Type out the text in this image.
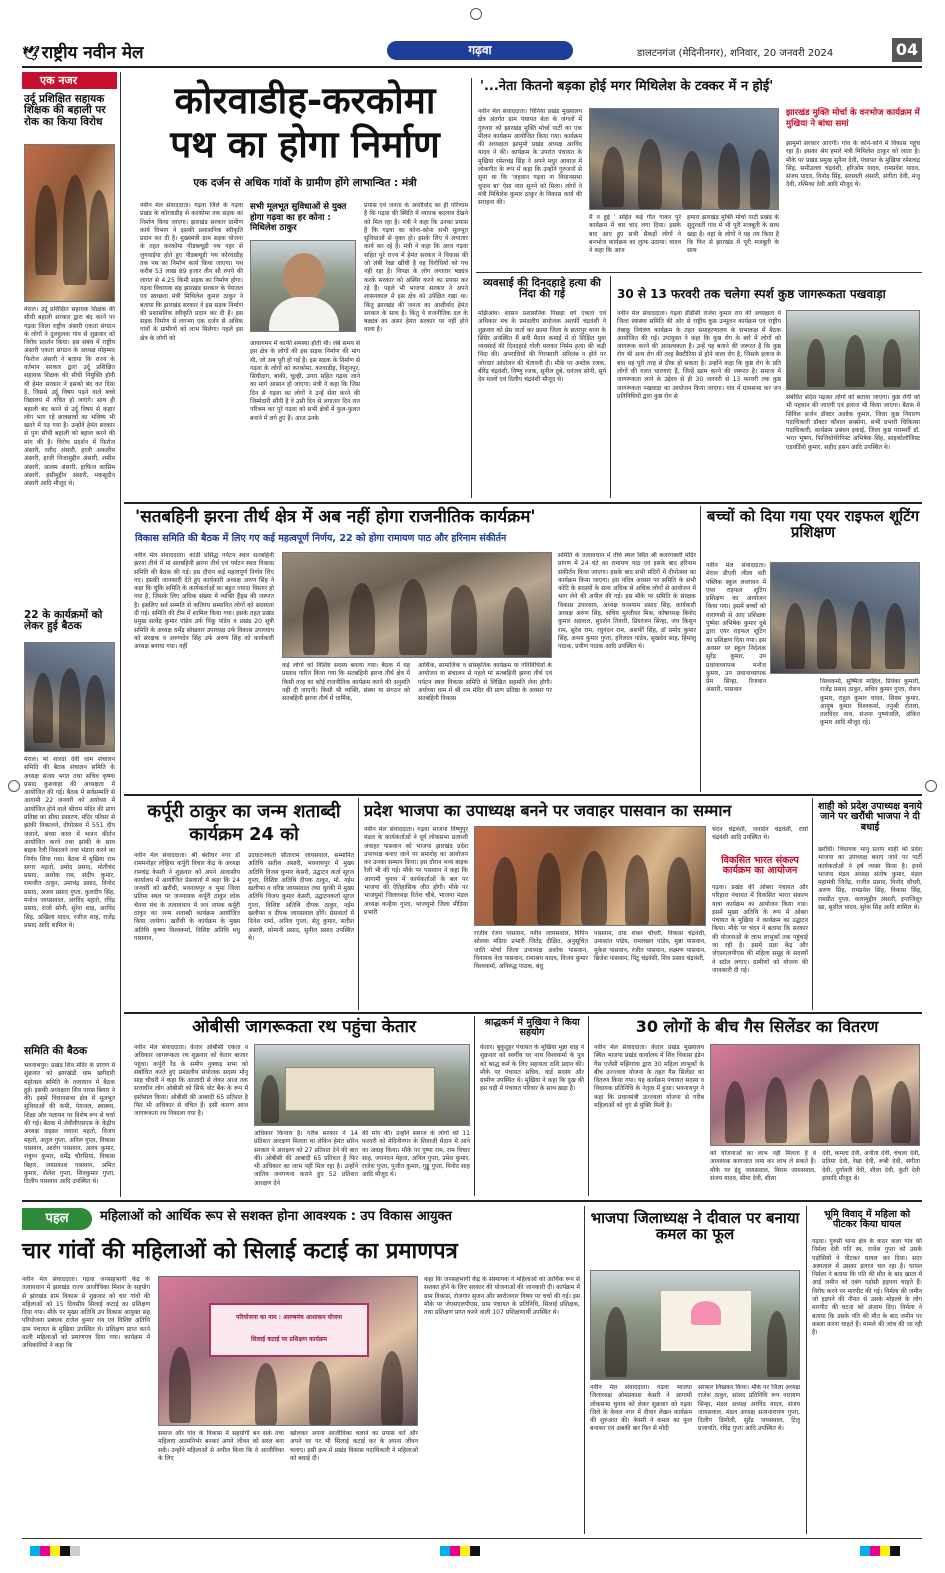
🕊 राष्ट्रीय नवीन मेल	गढ़वा	डालटनगंज (मेदिनीनगर), शनिवार, 20 जनवरी 2024	04
एक नजर
उर्दू प्रशिक्षित सहायक शिक्षक की बहाली पर रोक का किया विरोध
मेराल। उर्दू प्रशिक्षित सहायक शिक्षक की सीधी बहाली सरकार द्वारा बंद करने पर गढ़वा जिला राष्ट्रीय अंसारी एकता संगठन के लोगों ने दुलहुलवा गांव से शुक्रवार को विरोध प्रदर्शन किया। इस संबंध में राष्ट्रीय अंसारी एकता संगठन के अध्यक्ष मोहम्मद फिरोज अंसारी ने बताया कि राज्य के वर्तमान सरकार द्वारा उर्दू प्रशिक्षित सहायक शिक्षक की सीधी नियुक्ति होनी थी हेमंत सरकार ने इसको बंद कर दिया है, जिससे उर्दू विषय पढ़ने वाले बच्चे विद्यालय में वंचित हो जाएंगे। साथ ही बहाली बंद करने से उर्दू विषय से कहार लोग भाग रहे छात्रछात्रों का भविष्य भी खतरे में पड़ गया है। उन्होंने हेमंत सरकार से पुनः सीधी बहाली को बहाल करने की मांग की है। विरोध प्रदर्शन में फिरोज अंसारी, रशीद अंसारी, हाजी अकलीम अंसारी, हाजी निजामुद्दीन अंसारी, शमीम अंसारी, आलम अंसारी, हाफिज कासिम अंसारी, हसीमुद्दीन अंसारी, मकसूदीन अंसारी आदि मौजूद थे।
22 के कार्यक्रमों को लेकर हुई बैठक
मेराल। मां शारदा देवी धाम संचालन समिति की बैठक संचालन समिति के अध्यक्ष संजय भगत तथा सचिव कृष्णा प्रसाद कुशवाहा की अध्यक्षता में आयोजित की गई। बैठक में सर्वसम्मति से आगामी 22 जनवरी को अयोध्या में आयोजित होने वाले श्रीराम मंदिर की प्राण प्रतिष्ठा का सीधा प्रसारण, मंदिर परिसर से झांकी निकालने, दीपोत्सव में 551 दीप जलाने, संध्या काल में भजन कीर्तन आयोजित करने तथा झांकी के साथ बाइक रैली निकालने तथा भंडारा करने का निर्णय लिया गया। बैठक में मुखिया राम सागर महतो, प्रमोद प्रसाद, मोतीचंद प्रसाद, अशोक राम, संदीप कुमार, रामजीत ठाकुर, उमाचंद्र प्रसाद, विनोद प्रसाद, अजय प्रसाद गुप्ता, कुलदीप सिंह, मनोज जायसवाल, अरविंद महतो, रविंद्र प्रसाद, राजो सोनी, सुरेश शाह, अरविंद सिंह, अखिला यादव, रजीज शाह, राजेंद्र प्रसाद आदि शामिल थे।
समिति की बैठक
भवनाथपुर। प्रखंड शिव मंदिर के प्रांगण में शुक्रवार को झारखंडी धाम खरीदारी महोत्सव समिति के तत्वाधान में बैठक हुई। इसकी अध्यक्षता शिव पारस बियार ने की। इसमें विधानसभा क्षेत्र में मूलभूत सुविधाओं की कमी, पेयजल, स्वास्थ्य, शिक्षा और पलायन पर विशेष रूप से चर्चा की गई। बैठक में जेवीवीएसएस के केंद्रीय अध्यक्ष दाइसर जवाना महतो, विजय महतो, अतुल गुप्ता, अनिल गुप्ता, विकास पासवान, आरोग पासवान, आरव कुमार, शत्रुघ्न कुमार, धर्मेंद्र चौरसिया, विकास बिहार, जयप्रकाश पासवान, अमित कुमार, शैलेश गुप्ता, शिवकुमार गुप्ता, दिलीप पासवान आदि उपस्थित थे।
कोरवाडीह-करकोमा
पथ का होगा निर्माण
एक दर्जन से अधिक गांवों के ग्रामीण होंगे लाभान्वित : मंत्री
नवीन मेल संवाददाता। गढ़वा जिले के गढ़वा प्रखंड के कोरवाडीह से करकोमा तक सड़क का निर्माण किया जाएगा। झारखंड सरकार ग्रामीण कार्य विभाग ने इसकी प्रशासनिक स्वीकृति प्रदान कर दी है। मुख्यमंत्री ग्राम सड़क योजना के तहत करकोमा पीडब्ल्यूडी पथ नहर से लुगवाईया होते हुए पीडब्ल्यूडी पथ कोरवाडीह तक पथ का निर्माण कार्य किया जाएगा। पथ करीब 53 लाख 89 हजार तीन सौ रुपये की लागत से 4.25 किमी सड़क का निर्माण होगा। गढ़वा विधायक सह झारखंड सरकार के पेयजल एवं स्वच्छता मंत्री मिथिलेश कुमार ठाकुर ने बताया कि झारखंड सरकार ने इस सड़क निर्माण की प्रशासनिक स्वीकृति प्रदान कर दी है। इस सड़क निर्माण से लगभग एक दर्जन से अधिक गांवों के ग्रामीणों को लाभ मिलेगा। पहले इस क्षेत्र के लोगों को
सभी मूलभूत सुविधाओं से युक्त होगा गढ़वा का हर कोना : मिथिलेश ठाकुर
आवागमन में काफी समस्या होती थी। लंबे समय से इस क्षेत्र के लोगों की इस सड़क निर्माण की मांग थी, जो अब पूरी हो गई है। इस सड़क के निर्माण से गढ़वा के लोगों को करकोमा, करवाडीह, विशुनपुर, सिघौदाग, बाकी, चूल्ही, उगरा सहित गढ़वा जाने का मार्ग आसान हो जाएगा। मंत्री ने कहा कि जिस दिन से गढ़वा का लोगों ने उन्हें सेवा करने की जिम्मेदारी सौंपी है वे उसी दिन से लगातार दिन रात परिश्रम कर पूरे गढ़वा को सभी क्षेत्रों में फुल-फुलत बनाने में लगे हुए हैं। आज उनके
प्रयास एवं जनता के आशीर्वाद का ही परिणाम है कि गढ़वा की स्थिति में व्यापक बदलाव देखने को मिल रहा है। मंत्री ने कहा कि उनका प्रयास है कि गढ़वा का कोना-कोना सभी मूलभूत सुविधाओं से युक्त हो। इसके लिए वे लगातार कार्य कर रहे हैं। मंत्री ने कहा कि आज गढ़वा सहित पूरे राज्य में हेमंत सरकार ने विकास की जो लंबी रेखा खींची है वह विरोधियों को पच नहीं रहा है। विपक्ष के लोग लगातार षड्यंत्र करके सरकार को अस्थिर करने का प्रयास कर रहे हैं। पहले भी भाजपा सरकार ने अपने शासनकाल में इस क्षेत्र को उपेक्षित रखा था। किंतु झारखंड की जनता का आशीर्वाद हेमंत सरकार के साथ है। किंतु वे राजनीतिक दल के षड्यंत्र का असर हेमंत सरकार पर नहीं होने वाला है।
'...नेता कितनो बड़का होई मगर मिथिलेश के टक्कर में न होई'
नवीन मेल संवाददाता। चिनिया प्रखंड मुख्यालय क्षेत्र अंतर्गत ग्राम पंचायत बेता के जंगलों में गुरुवार को झारखंड मुक्ति मोर्चा पार्टी का एक मीलन कार्यक्रम आयोजित किया गया। कार्यक्रम की अध्यक्षता झामुमो प्रखंड अध्यक्ष अरविंद यादव ने की। कार्यक्रम के उपरांत पंचायत के मुखिया रमेशचंद्र सिंह ने अपने मधुर आवाज़ में लोकगीत के रूप में कहा कि उन्होंने गुरुजनों से सुना था कि 'जहवान गढ़वा ना विधानसभा चुनाव बा' ऐसा नारा सुनने को मिला। लोगों ने मंत्री मिथिलेश कुमार ठाकुर के विकास कार्य की सराहना की।
मैं न हुई ' सहित कई गीत गाकर पूरे कार्यक्रम में चार चांद लगा दिया। इसके बाद आए हुए सभी सैकड़ों लोगों ने बनभोज कार्यक्रम का लुत्फ उठाया। यादव ने कहा कि आज
हमारा झारखंड मुक्ति मोर्चा पार्टी प्रखंड के सुदूरवर्ती गांव में भी पूरी मजबूती के साथ खड़ा है। वहां के लोगों ने यह तय किया है कि फिर से झारखंड में पूरी मजबूती के साथ
झारखंड मुक्ति मोर्चा के वनभोज कार्यक्रम में मुखिया ने बांधा समां
झामुमो सरकार आएगी। गांव के कोने-कोने में विकास पहुंच रहा है। इसका श्रेय हमारे मंत्री मिथिलेश ठाकुर को जाता है। मौके पर प्रखंड प्रमुख सुनैना देवी, पंचायत के मुखिया रमेशचंद्र सिंह, समीउल्ला चंद्रवंशी, हरिओम यादव, रामप्रवेश यादव, संजय यादव, विनोद सिंह, सरस्वती अंसारी, संगीता देवी, मंजू देवी, रश्मिका देवी आदि मौजूद थे।
व्यवसाई की दिनदहाड़े हत्या की निंदा की गई
मझिआंव। शासन प्रशासनिक पिछड़ा वर्ग एकता एवं अधिकार मंच के प्रमंडलीय संयोजक अशर्फी चंद्रवंशी ने शुक्रवार को प्रेस वार्ता कर फ्रामा जिला के छतरपुर थाना के सिंघेर अवस्थित मैं बनी मैदान कमाई में दो शिक्षित युवा व्यवसाई की दिनदहाड़े गोली मारकर निर्मम हत्या की कड़ी निंदा की। अपराधियों की गिरफ्तारी अविलंब न होने पर जोरदार आंदोलन की चेतावनी दी। मौके पर अशोक रजक, बीरेंद्र चंद्रवंशी, विष्णु रजक, सुनील दुबे, धनंजय सोनी, सूर्य देव मालो एवं दिलीप चंद्रवंशी मौजूद थे।
30 से 13 फरवरी तक चलेगा स्पर्श कुष्ठ जागरूकता पखवाड़ा
नवीन मेल संवाददाता। गढ़वा डीडीसी राजेश कुमार राय की अध्यक्षता में जिला स्वास्थ्य समिति की ओर से राष्ट्रीय कुष्ठ उन्मूलन कार्यक्रम एवं राष्ट्रीय तंबाकू नियंत्रण कार्यक्रम के तहत समाहरणालय के सभाकक्ष में बैठक आयोजित की गई। उपायुक्त ने कहा कि कुष्ठ रोग के बारे में लोगों को जागरूक करने की आवश्यकता है। उन्हें यह बताने की जरूरत है कि कुष्ठ रोग भी अन्य रोग की तरह बैक्टीरिया से होने वाला रोग है, जिसके इलाज के बाद यह पूरी तरह से ठीक हो सकता है। उन्होंने कहा कि कुष्ठ रोग के प्रति लोगों की गलत धारणाएं हैं, जिन्हें खत्म करने की जरूरत है। समाज में जागरूकता लाने के उद्देश्य से ही 30 जनवरी से 13 फरवरी तक कुष्ठ जागरूकता पखवाड़ा का आयोजन किया जाएगा। गांव में ग्रामसभा कर जन प्रतिनिधियों द्वारा कुष्ठ रोग से	संबंधित संदेश पढ़कर लोगों को बताया जाएगा। कुष्ठ रोगी को भी पहचान की जाएगी एवं इलाज भी किया जाएगा। बैठक में सिविल सर्जन डॉक्टर अशोक कुमार, जिला कुष्ठ निवारण पदाधिकारी डॉक्टर कौशल सक्सेना, सभी प्रभारी चिकित्सा पदाधिकारी, कार्यक्रम प्रबंधन इकाई, जिला कुष्ठ परामर्शी डॉ. भरत भूषण, फिजियोथेरेपिस्ट अभिषेक सिंह, साइकोलॉजिस्ट एडवर्डियो कुमार, सहीद हसन आदि उपस्थित थे।
'सतबहिनी झरना तीर्थ क्षेत्र में अब नहीं होगा राजनीतिक कार्यक्रम'
विकास समिति की बैठक में लिए गए कई महत्वपूर्ण निर्णय, 22 को होगा रामायण पाठ और हरिनाम संकीर्तन
नवीन मेल संवाददाता। कांडी प्रसिद्ध पर्यटन स्थल सतबहिनी झरना तीर्थ में मां सतबहिनी झरना तीर्थ एवं पर्यटन स्थल विकास समिति की बैठक की गई। इस दौरान कई महत्वपूर्ण निर्णय लिए गए। इसकी जानकारी देते हुए कार्यकारी अध्यक्ष अरुण सिंह ने कहा कि चूंकि समिति के कार्यकर्ताओं का बहुत ज्यादा विस्तार हो गया है, जिसके लिए अधिक संख्या में व्यक्ति हैंड्स की जरूरत है। इसलिए सर्व सम्मति से कतिपय सम्मानित लोगों को सदस्यता दी गई। समिति की टीम में शामिल किया गया। इसके तहत प्रखंड प्रमुख सत्येंद्र कुमार पांडेय उर्फ पिंकू पांडेय व प्रखंड 20 सूत्री समिति के अध्यक्ष धर्मेंद्र सोखवार उपाध्यक्ष उर्फ विकास उपाध्याय को संरक्षक व अरुणदेव सिंह उर्फ अरुण सिंह को कार्यकारी अध्यक्ष बनाया गया। वहीं
कई लोगों को विशिष्ट सदस्य बनाया गया। बैठक में यह प्रस्ताव पारित किया गया कि सतबहिनी झरना तीर्थ क्षेत्र में किसी तरह का कोई राजनीतिक कार्यक्रम करने की अनुमति नहीं दी जाएगी। किसी भी व्यक्ति, संस्था या संगठन को सतबहिनी झरना तीर्थ में धार्मिक,
आर्थिक, सामाजिक व सांस्कृतिक कार्यक्रम या गतिविधियों के आयोजन या संचालन से पहले मां सतबहिनी झरना तीर्थ एवं पर्यटन स्थल विकास समिति से लिखित सहमति लेना होगी। अयोध्या धाम में श्री राम मंदिर की प्राण प्रतिष्ठा के अवसर पर सतबहिनी विकास
समिति के तत्वावधान में तीर्थ स्थल स्थित श्री बजरंगबली मंदिर प्रांगण में 24 घंटे का रामायण पाठ एवं इसके बाद हरिनाम संकीर्तन किया जाएगा। इसके बाद सभी मंदिरों में दीपोत्सव का कार्यक्रम किया जाएगा। इस पवित्र अवसर पर समिति के सभी कोटि के सदस्यों के साथ अधिक से अधिक लोगों से आयोजन में भाग लेने की अपील की गई। इस मौके पर समिति के संरक्षक विकास उपाध्याय, अध्यक्ष घनश्याम प्रसाद सिंह, कार्यकारी अध्यक्ष अरुण सिंह, सचिव मुरलीधर मिश्र, कोषाध्यक्ष बिनोद कुमार अग्रवाल, सुदर्शन तिवारी, प्रियरंजन सिन्हा, जय किशुन राम, सुरेश राम, रघुनंदन राम, अशर्फी सिंह, डॉ प्रमोद कुमार सिंह, अभय कुमार गुप्ता, हरिलाल पांडेय, सुखदेव साह, हिमांशु पाठक, प्रवीण पाठक आदि उपस्थित थे।
बच्चों को दिया गया एयर राइफल शूटिंग प्रशिक्षण
नवीन मेल संवाददाता। मेराल डीएवी लीला वती पब्लिक स्कूल लवरावन में एयर राइफल शूटिंग प्रशिक्षण का आयोजन किया गया। इसमें बच्चों को वाराणसी से आए प्रशिक्षक पुष्पेश अभिषेक कुमार दुबे द्वारा एयर राइफल शूटिंग का प्रशिक्षण दिया गया। इस अवसर पर स्कूल निदेशक सुरेंद्र कुमार, उप प्रधानाध्यापक मनोज कुमार, उप प्रधानाध्यापक प्रेम सिन्हा, रिजवान अंसारी, पासवान
विश्वकर्मा, सुष्मिता माहिल, प्रियंका कुमारी, राजेंद्र प्रसाद ठाकुर, सचिन कुमार गुप्ता, रोशन कुमार, राहुल कुमार यादव, शिवम कुमार, आयुष कुमार विश्वकर्मा, तनुश्री रोतला, तलविंदर नाथ, संजना पुष्पांजलि, अंकित कुमार आदि मौजूद रहे।
कर्पूरी ठाकुर का जन्म शताब्दी कार्यक्रम 24 को
नवीन मेल संवाददाता। श्री बंशीधर नगर डॉ राममनोहर लोहिया कर्पूरी विचार केंद्र के अध्यक्ष रामचंद्र केसरी ने शुक्रवार को अपने आवासीय कार्यालय में आयोजित प्रेसवार्ता में कहा कि 24 जनवरी को खरौंधी, भवनाथपुर व भुमा जिला प्रतिमा स्थल पर जननायक कर्पूरी ठाकुर लोक चेतना मंच के तत्वावधान में जन नायक कर्पूरी ठाकुर का जन्म शताब्दी कार्यक्रम आयोजित किया जायेगा। खरौंधी के कार्यक्रम के मुख्य अतिथि कृष्णा विश्वकर्मा, विशिष्ट अतिथि मधु पासवान,
उदघाटनकर्ता सीताराम जायसवाल, सम्मानित अतिथि सतीश अंसारी, भवनाथपुर में मुख्य अतिथि विजय कुमार केसरी, उद्घाटन कर्ता सूरज गुप्ता, विशिष्ट अतिथि दीपक ठाकुर, मो. नईम खलीफा व वरिष्ठ जायसवाल तथा धुरकी में मुख्य अतिथि विजय कुमार केसरी, उद्घाटनकर्ता सूरज गुप्ता, विशिष्ट अतिथि दीपक ठाकुर, नईम खलीफा व दीपक जायसवाल होंगे। प्रेसवार्ता में दिनेश शर्मा, अनिल गुप्ता, सेतु कुमार, सतीश अंसारी, सोमानी प्रसाद, सुनील प्रसाद उपस्थित थे।
प्रदेश भाजपा का उपाध्यक्ष बनने पर जवाहर पासवान का सम्मान
नवीन मेल संवाददाता। गढ़वा भाजपा विष्णुपुर मंडल के कार्यकर्ताओं ने पूर्व लोकसभा प्रत्याशी जवाहर पासवान को भाजपा झारखंड प्रदेश उपाध्यक्ष बनाए जाने पर समारोह का आयोजन कर उनका सम्मान किया। इस दौरान भव्य बाइक रैली भी की गई। मौके पर पासवान ने कहा कि आगामी चुनाव में कार्यकर्ताओं के बल पर भाजपा की ऐतिहासिक जीत होगी। मौके पर भाजयुमो जिलाध्यक्ष रितेश चौबे, भाजपा मंडल अध्यक्ष कन्हैया गुप्ता, भाजयुमो जिला मीडिया प्रभारी
राजीव रंजन पासवान, नवीन जायसवाल, विपिन सोलवा मंडिया प्रभारी जितेंद्र दीक्षित, अनुसूचित जाति मोर्चा जिला उपाध्यक्ष अशोक पासवान, विनायक नेता पासवान, रामाश्रय यादव, विजय कुमार विश्वकर्मा, अनिरुद्ध पाठक, बंधु
पासवान, दया शंकर चौधरी, विकास चंद्रवंशी, उमाकांत पांडेय, रामलखन पांडेय, मुन्ना पासवान, मुकेश पासवान, रंजीत पासवान, लक्ष्मण पासवान, ब्रिजेश पासवान, पिंटू चंद्रवंशी, शिव प्रसाद चंद्रवंशी,
चंदन चंद्रवंशी, जनार्दन चंद्रवंशी, राघो चंद्रवंशी आदि उपस्थित थे।
विकसित भारत संकल्प कार्यक्रम का आयोजन
गढ़वा। प्रखंड की ओबरा पंचायत और परिहारा पंचायत में विकसित भारत संकल्प यात्रा कार्यक्रम का आयोजन किया गया। इसमें मुख्य अतिथि के रूप में ओबरा पंचायत के मुखिया ने कार्यक्रम का उद्घाटन किया। मौके पर चंदन ने बताया कि सरकार की योजनाओं के लाभ लाभुकों तक पहुंचाई जा रही है। इसमें प्रज्ञा केंद्र और जेएसएलपीएस की महिला समूह के सदस्यों ने स्टॉल लगाए। ग्रामीणों को योजना की जानकारी दी गई।
शाही को प्रदेश उपाध्यक्ष बनाये जाने पर खरौंधी भाजपा ने दी बधाई
खरौंधी। विधायक भानु प्रताप शाही को प्रदेश भाजपा का उपाध्यक्ष बनाए जाने पर पार्टी कार्यकर्ताओं ने हर्ष व्यक्त किया है। इनमें भाजपा मंडल अध्यक्ष संतोष कुमार, मंडल महामंत्री जितेंद्र, राजीव प्रसाद, विनोद चौधरी, अरुण सिंह, रामप्रवेश सिंह, विकास सिंह, रामप्रीत गुप्ता, कलामुद्दीन अंसारी, इन्तजिशुर खा, सुशील यादव, सुरेश सिंह आदि शामिल थे।
ओबीसी जागरूकता रथ पहुंचा केतार
नवीन मेल संवाददाता। केतार ओबीसी एकता व अधिकार जागरूकता रथ शुक्रवार को केतार बाजार पहुंचा। कर्पूरी रैड के समीप नुक्कड़ सभा को संबोधित करते हुए प्रमंडलीय संयोजक सदस्य मोनू साह चौधरी ने कहा कि आजादी से लेकर आज तक सत्ताधीन लोग ओबीसी को सिर्फ वोट बैंक के रूप में इस्तेमाल किया। ओबीसी की आबादी 65 प्रतिशत है फिर भी अधिकार से वंचित हैं। इसी कारण आज जागरूकता रथ निकाला गया है।
अधिकार किनारा है। गरीब सरकार ने 14 प्रतिशत आरक्षण मिलता था लेकिन हेमंत सोरेन सरकार ने आरक्षण को 27 प्रतिशत देने की बात की। ओबीसी की आबादी 65 प्रतिशत है फिर भी अधिकार का लाभ नहीं मिल रहा है। उन्होंने जातिय जनगणना कराने हुए 52 प्रतिशत आरक्षण देने
की मांग की। उन्होंने समाज के लोगों को 11 फरवरी को मेदिनीनगर के शिवाजी मैदान में आने का आग्रह किया। मौके पर पुष्पा राम, राम विचार साह, जयनंदन मेहता, अनिल गुप्ता, उमेश कुमार, राजेश गुप्ता, पुजीत कुमार, गुड्डू गुप्ता, विनोद साह आदि मौजूद थे।
श्राद्धकर्म में मुखिया ने किया सहयोग
केतार। बुकुदुहर पंचायत के मुखिया मुन्ना शाह ने शुक्रवार को स्वर्गीय घर नाथ विश्वकर्मा के पुत्र को श्राद्ध कर्म के लिए सहायता राशि प्रदान की। मौके पर पंचायत सचिव, वार्ड सदस्य और ग्रामीण उपस्थित थे। मुखिया ने कहा कि दुख की इस घड़ी में पंचायत परिवार के साथ खड़ा है।
30 लोगों के बीच गैस सिलेंडर का वितरण
नवीन मेल संवाददाता। केतार प्रखंड मुख्यालय स्थित भाजपा प्रखंड कार्यालय में शिव विकास इंडेन गैस एजेंसी मझिगांवा द्वारा 30 महिला लाभुकों के बीच उज्ज्वला योजना के तहत गैस सिलेंडर का वितरण किया गया। यह कार्यक्रम पंचायत सदस्य व विधायक प्रतिनिधि के नेतृत्व में हुआ। भवनाथपुर ने कहा कि प्रधानमंत्री उज्ज्वला योजना से गरीब महिलाओं को धुएं से मुक्ति मिली है।
को योजनाओं का लाभ नहीं मिलता है वे आवश्यक कागजात जमा कर लाभ ले सकते हैं। मौके पर इंदु जायसवाल, विराम जायसवाल, संजय यादव, सीमा देवी, शीला
देवी, कमला देवी, अनीता देवी, चंचला देवी, प्रतिमा देवी, रेखा देवी, रूबी देवी, संगीता देवी, दुर्गावती देवी, शीला देवी, कुंती देवी इत्यादि मौजूद थे।
पहल	महिलाओं को आर्थिक रूप से सशक्त होना आवश्यक : उप विकास आयुक्त
चार गांवों की महिलाओं को सिलाई कटाई का प्रमाणपत्र
नवीन मेल संवाददाता। गढ़वा जनसहभागी केंद्र के तत्वावधान में झारखंड राज्य आजीविका मिशन के सहयोग से झारखंड ग्राम विकास से शुक्रवार को चार गांवों की महिलाओं को 15 दिवसीय सिलाई कटाई का प्रशिक्षण दिया गया। मौके पर मुख्य अतिथि उप विकास आयुक्त सह परियोजना प्रबंधक राजेश कुमार राय एवं विशिष्ट अतिथि ग्राम पंचायत के मुखिया उपस्थित थे। प्रशिक्षण प्राप्त करने वाली महिलाओं को प्रमाणपत्र दिया गया। कार्यक्रम में अधिकारियों ने कहा कि
परियोजना का नाम : आरुषमंच आशाकन योजना
सिलाई कटाई पर प्रशिक्षण कार्यक्रम
समाज और गांव के विकास में सहयोगी बन सके तथा महिलाएं आत्मनिर्भर बनकर अपने जीवन को सरल बना सकें। उन्होंने महिलाओं से अपील किया कि वे आजीविका के लिए
खोलकर अपना आजीविका चलाने का प्रयास करें और अपने घर पर भी सिलाई कटाई कर के अपना जीवन चलाए। इसी क्रम में प्रखंड विकास पदाधिकारी ने महिलाओं को बधाई दी।
कहा कि जनसहभागी केंद्र के संस्थापक ने महिलाओं को आर्थिक रूप से सशक्त होने के लिए सरकार की योजनाओं की जानकारी दी। कार्यक्रम में ग्राम विकास, रोजगार सृजन और स्वरोजगार विषय पर चर्चा की गई। इस मौके पर जेएसएलपीएस, ग्राम पंचायत के प्रतिनिधि, सिलाई प्रशिक्षक, तथा प्रशिक्षण प्राप्त करने वाली 107 प्रशिक्षणार्थी उपस्थित थे।
भाजपा जिलाध्यक्ष ने दीवाल पर बनाया कमल का फूल
नवीन मेल संवाददाता। गढ़वा भाजपा जिलाध्यक्ष ओमप्रकाश केसरी ने आगामी लोकसभा चुनाव को लेकर शुक्रवार को गढ़वा जिले के केवल नगर में दीवार लेखन कार्यक्रम की शुरुआत की। केसरी ने कमल का फूल बनाकर एवं अबकी बार फिर से मोदी
सरकार लिखकर किया। मौके पर जिला अध्यक्ष राजेश ठाकुर, सांसद प्रतिनिधि रूप नारायण सिन्हा, मंडल अध्यक्ष अरविंद यादव, संजय जायसवाल, मंडल अध्यक्ष सत्यनारायण गुप्ता, दिलीप डिमोली, सुरेंद्र जयसवाल, टिलू प्रजापति, रविंद्र गुप्ता आदि उपस्थित थे।
भूमि विवाद में महिला को पीटकर किया घायल
गढ़वा। गुरुसी थाना क्षेत्र के कठर कला गांव की निर्मला देवी पति स्व. राजेश गुप्ता को उसके पड़ोसियों ने पीटकर घायल कर दिया। सदर अस्पताल में उसका इलाज चल रहा है। घायल निर्मला ने बताया कि पति की मौत के बाद खाता में आई जमीन को दबंग पड़ोसी हड़पना चाहते हैं। विरोध करने पर मारपीट की गई। निर्मला की जमीन जो हड़पने की नीयत से उसके मोहल्ले के लोग मारपीट की घटना को अंजाम दिए। निर्मला ने बताया कि उसके पति की मौत के बाद जमीन पर कब्जा करना चाहते हैं। मामले की जांच की जा रही है।
